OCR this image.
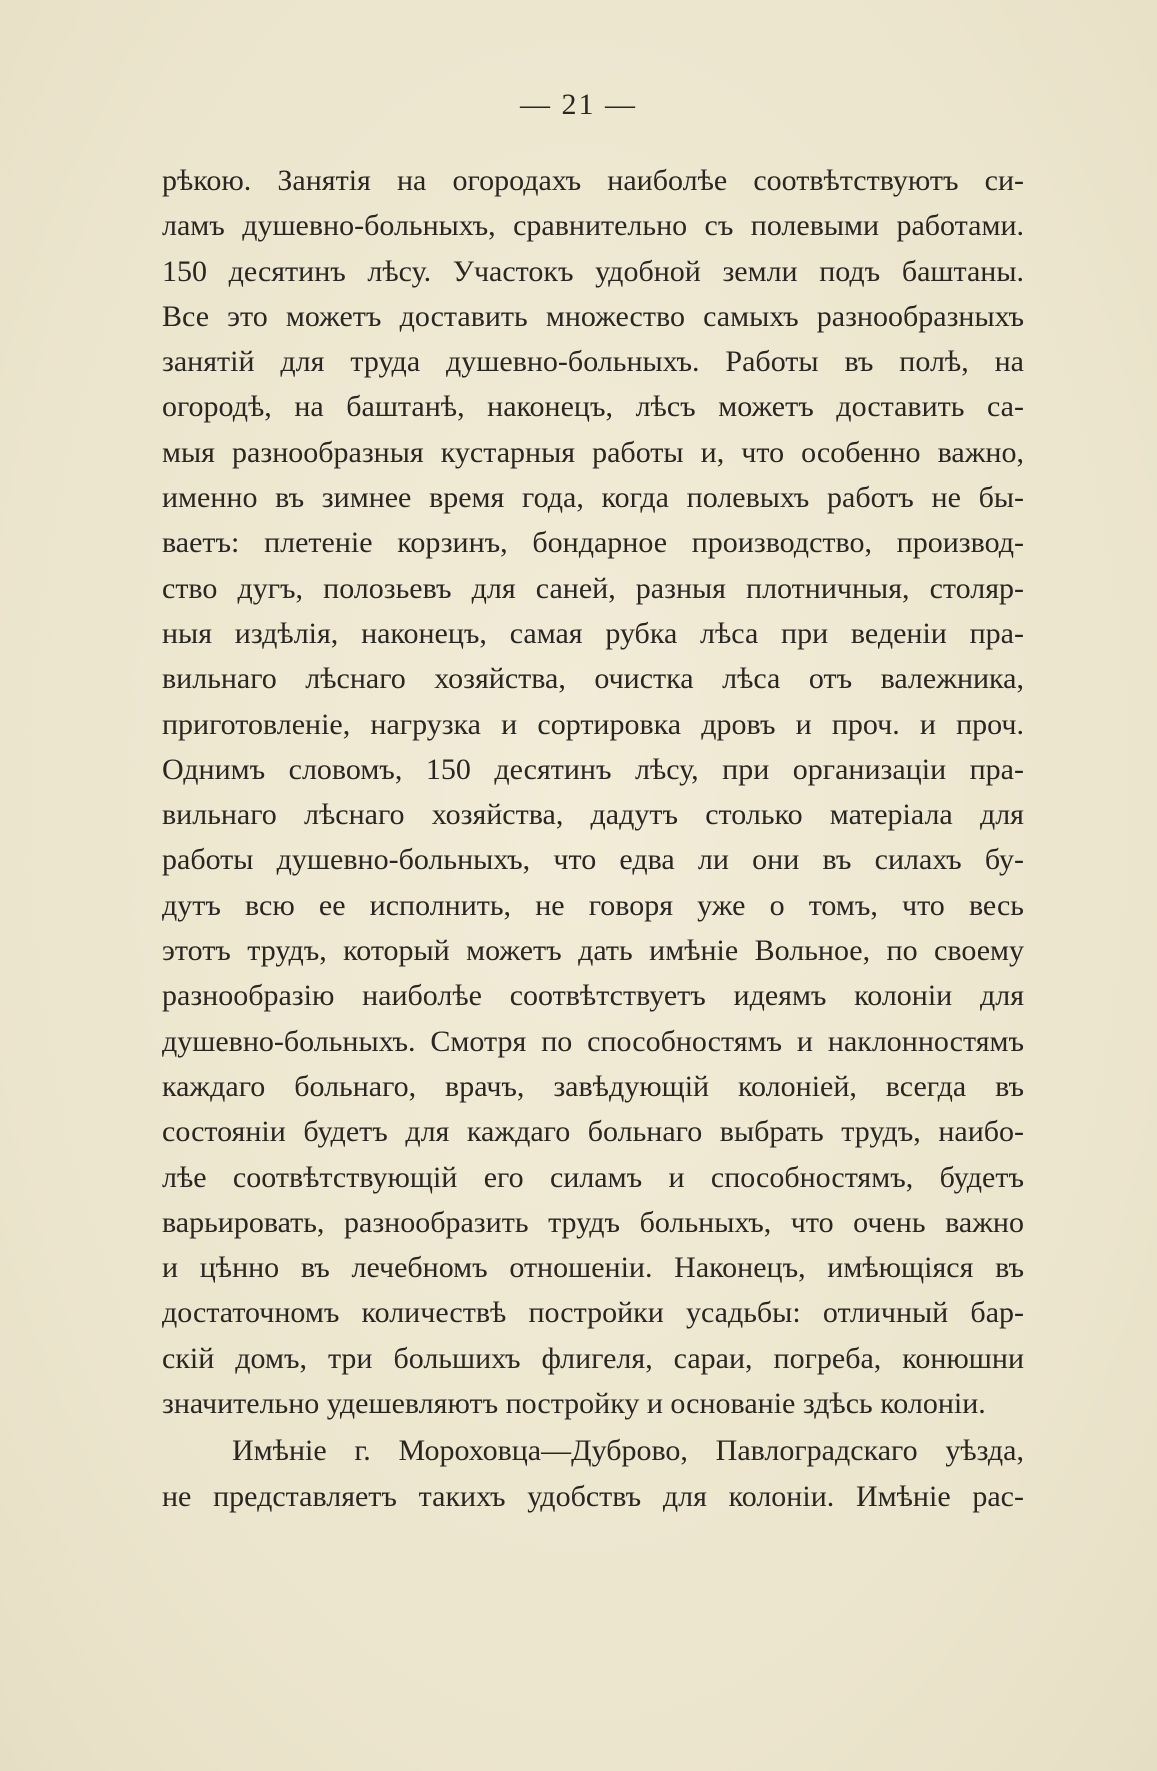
— 21 —
рѣкою. Занятія на огородахъ наиболѣе соотвѣтствуютъ си-
ламъ душевно-больныхъ, сравнительно съ полевыми работами.
150 десятинъ лѣсу. Участокъ удобной земли подъ баштаны.
Все это можетъ доставить множество самыхъ разнообразныхъ
занятій для труда душевно-больныхъ. Работы въ полѣ, на
огородѣ, на баштанѣ, наконецъ, лѣсъ можетъ доставить са-
мыя разнообразныя кустарныя работы и, что особенно важно,
именно въ зимнее время года, когда полевыхъ работъ не бы-
ваетъ: плетеніе корзинъ, бондарное производство, производ-
ство дугъ, полозьевъ для саней, разныя плотничныя, столяр-
ныя издѣлія, наконецъ, самая рубка лѣса при веденіи пра-
вильнаго лѣснаго хозяйства, очистка лѣса отъ валежника,
приготовленіе, нагрузка и сортировка дровъ и проч. и проч.
Однимъ словомъ, 150 десятинъ лѣсу, при организаціи пра-
вильнаго лѣснаго хозяйства, дадутъ столько матеріала для
работы душевно-больныхъ, что едва ли они въ силахъ бу-
дутъ всю ее исполнить, не говоря уже о томъ, что весь
этотъ трудъ, который можетъ дать имѣніе Вольное, по своему
разнообразію наиболѣе соотвѣтствуетъ идеямъ колоніи для
душевно-больныхъ. Смотря по способностямъ и наклонностямъ
каждаго больнаго, врачъ, завѣдующій колоніей, всегда въ
состояніи будетъ для каждаго больнаго выбрать трудъ, наибо-
лѣе соотвѣтствующій его силамъ и способностямъ, будетъ
варьировать, разнообразить трудъ больныхъ, что очень важно
и цѣнно въ лечебномъ отношеніи. Наконецъ, имѣющіяся въ
достаточномъ количествѣ постройки усадьбы: отличный бар-
скій домъ, три большихъ флигеля, сараи, погреба, конюшни
значительно удешевляютъ постройку и основаніе здѣсь колоніи.
Имѣніе г. Мороховца—Дуброво, Павлоградскаго уѣзда,
не представляетъ такихъ удобствъ для колоніи. Имѣніе рас-
